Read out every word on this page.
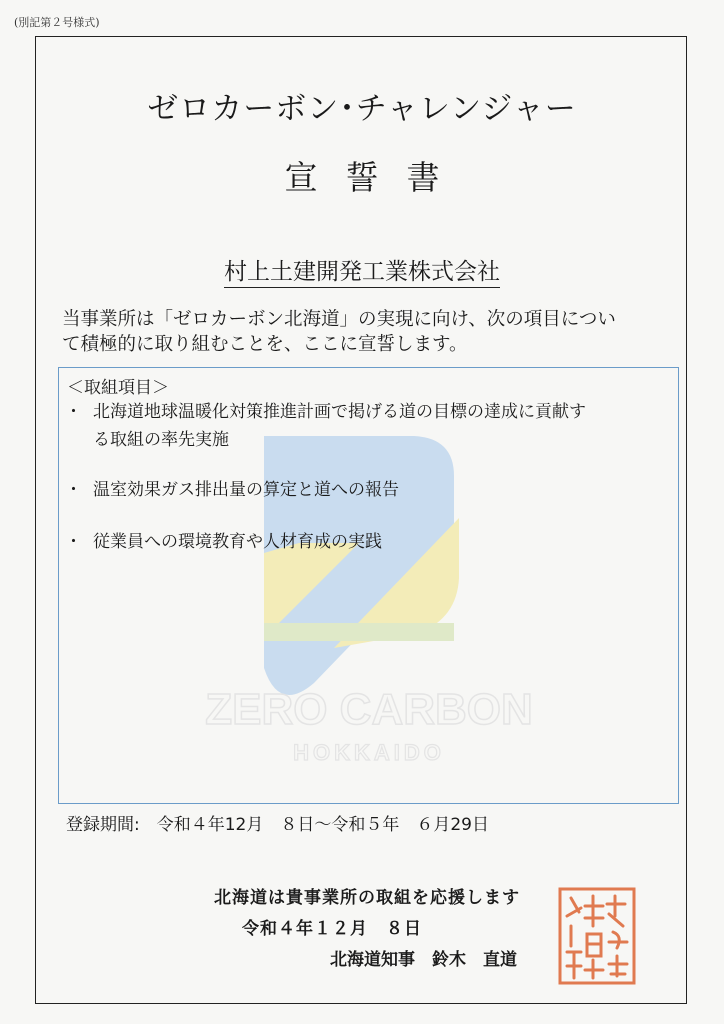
(別記第２号様式)
ゼロカーボン･チャレンジャー
宣誓書
村上土建開発工業株式会社
当事業所は「ゼロカーボン北海道」の実現に向け、次の項目につい
て積極的に取り組むことを、ここに宣誓します。
ZERO CARBON
HOKKAIDO
＜取組項目＞
・ 北海道地球温暖化対策推進計画で掲げる道の目標の達成に貢献す
る取組の率先実施
・ 温室効果ガス排出量の算定と道への報告
・ 従業員への環境教育や人材育成の実践
登録期間:　令和４年12月　８日～令和５年　６月29日
北海道は貴事業所の取組を応援します
令和４年１２月　８日
北海道知事　鈴木　直道
